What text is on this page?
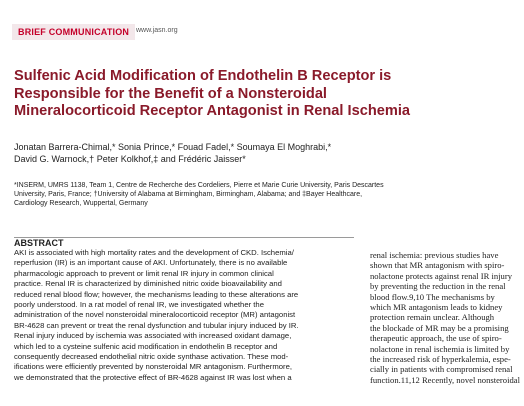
BRIEF COMMUNICATION www.jasn.org
Sulfenic Acid Modification of Endothelin B Receptor is
Responsible for the Benefit of a Nonsteroidal
Mineralocorticoid Receptor Antagonist in Renal Ischemia
Jonatan Barrera-Chimal,* Sonia Prince,* Fouad Fadel,* Soumaya El Moghrabi,*
David G. Warnock,† Peter Kolkhof,‡ and Frédéric Jaisser*
*INSERM, UMRS 1138, Team 1, Centre de Recherche des Cordeliers, Pierre et Marie Curie University, Paris Descartes
University, Paris, France; †University of Alabama at Birmingham, Birmingham, Alabama; and ‡Bayer Healthcare,
Cardiology Research, Wuppertal, Germany
ABSTRACT
AKI is associated with high mortality rates and the development of CKD. Ischemia/
reperfusion (IR) is an important cause of AKI. Unfortunately, there is no available
pharmacologic approach to prevent or limit renal IR injury in common clinical
practice. Renal IR is characterized by diminished nitric oxide bioavailability and
reduced renal blood flow; however, the mechanisms leading to these alterations are
poorly understood. In a rat model of renal IR, we investigated whether the
administration of the novel nonsteroidal mineralocorticoid receptor (MR) antagonist
BR-4628 can prevent or treat the renal dysfunction and tubular injury induced by IR.
Renal injury induced by ischemia was associated with increased oxidant damage,
which led to a cysteine sulfenic acid modification in endothelin B receptor and
consequently decreased endothelial nitric oxide synthase activation. These mod-
ifications were efficiently prevented by nonsteroidal MR antagonism. Furthermore,
we demonstrated that the protective effect of BR-4628 against IR was lost when a
renal ischemia: previous studies have
shown that MR antagonism with spiro-
nolactone protects against renal IR injury
by preventing the reduction in the renal
blood flow.9,10 The mechanisms by
which MR antagonism leads to kidney
protection remain unclear. Although
the blockade of MR may be a promising
therapeutic approach, the use of spiro-
nolactone in renal ischemia is limited by
the increased risk of hyperkalemia, espe-
cially in patients with compromised renal
function.11,12 Recently, novel nonsteroidal
